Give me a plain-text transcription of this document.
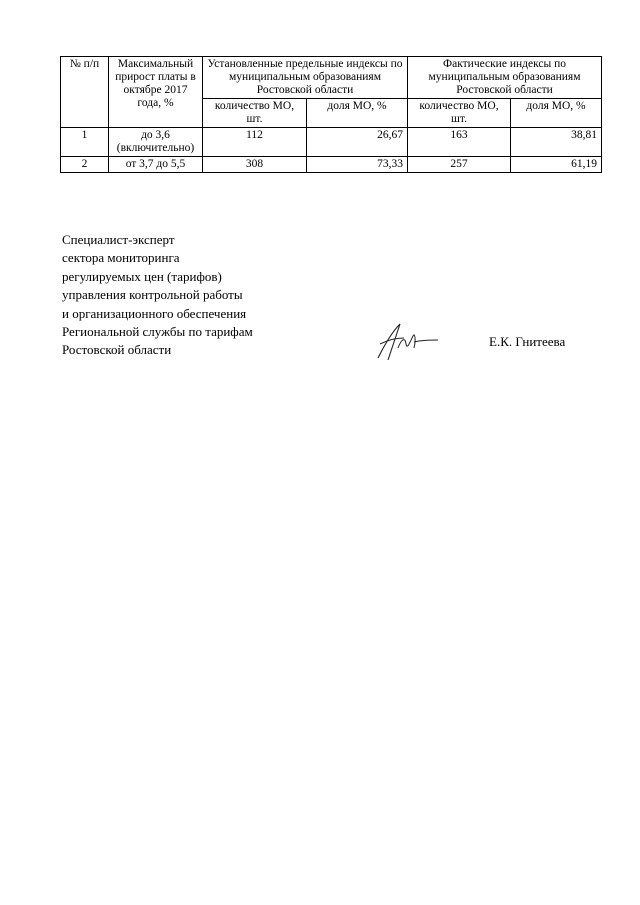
№ п/п	Максимальный прирост платы в октябре 2017 года, %	Установленные предельные индексы по муниципальным образованиям Ростовской области		Фактические индексы по муниципальным образованиям Ростовской области	
		количество МО, шт.	доля МО, %	количество МО, шт.	доля МО, %
1	до 3,6 (включительно)	112	26,67	163	38,81
2	от 3,7 до 5,5	308	73,33	257	61,19
Специалист-эксперт
сектора мониторинга
регулируемых цен (тарифов)
управления контрольной работы
и организационного обеспечения
Региональной службы по тарифам
Ростовской области
Е.К. Гнитеева
